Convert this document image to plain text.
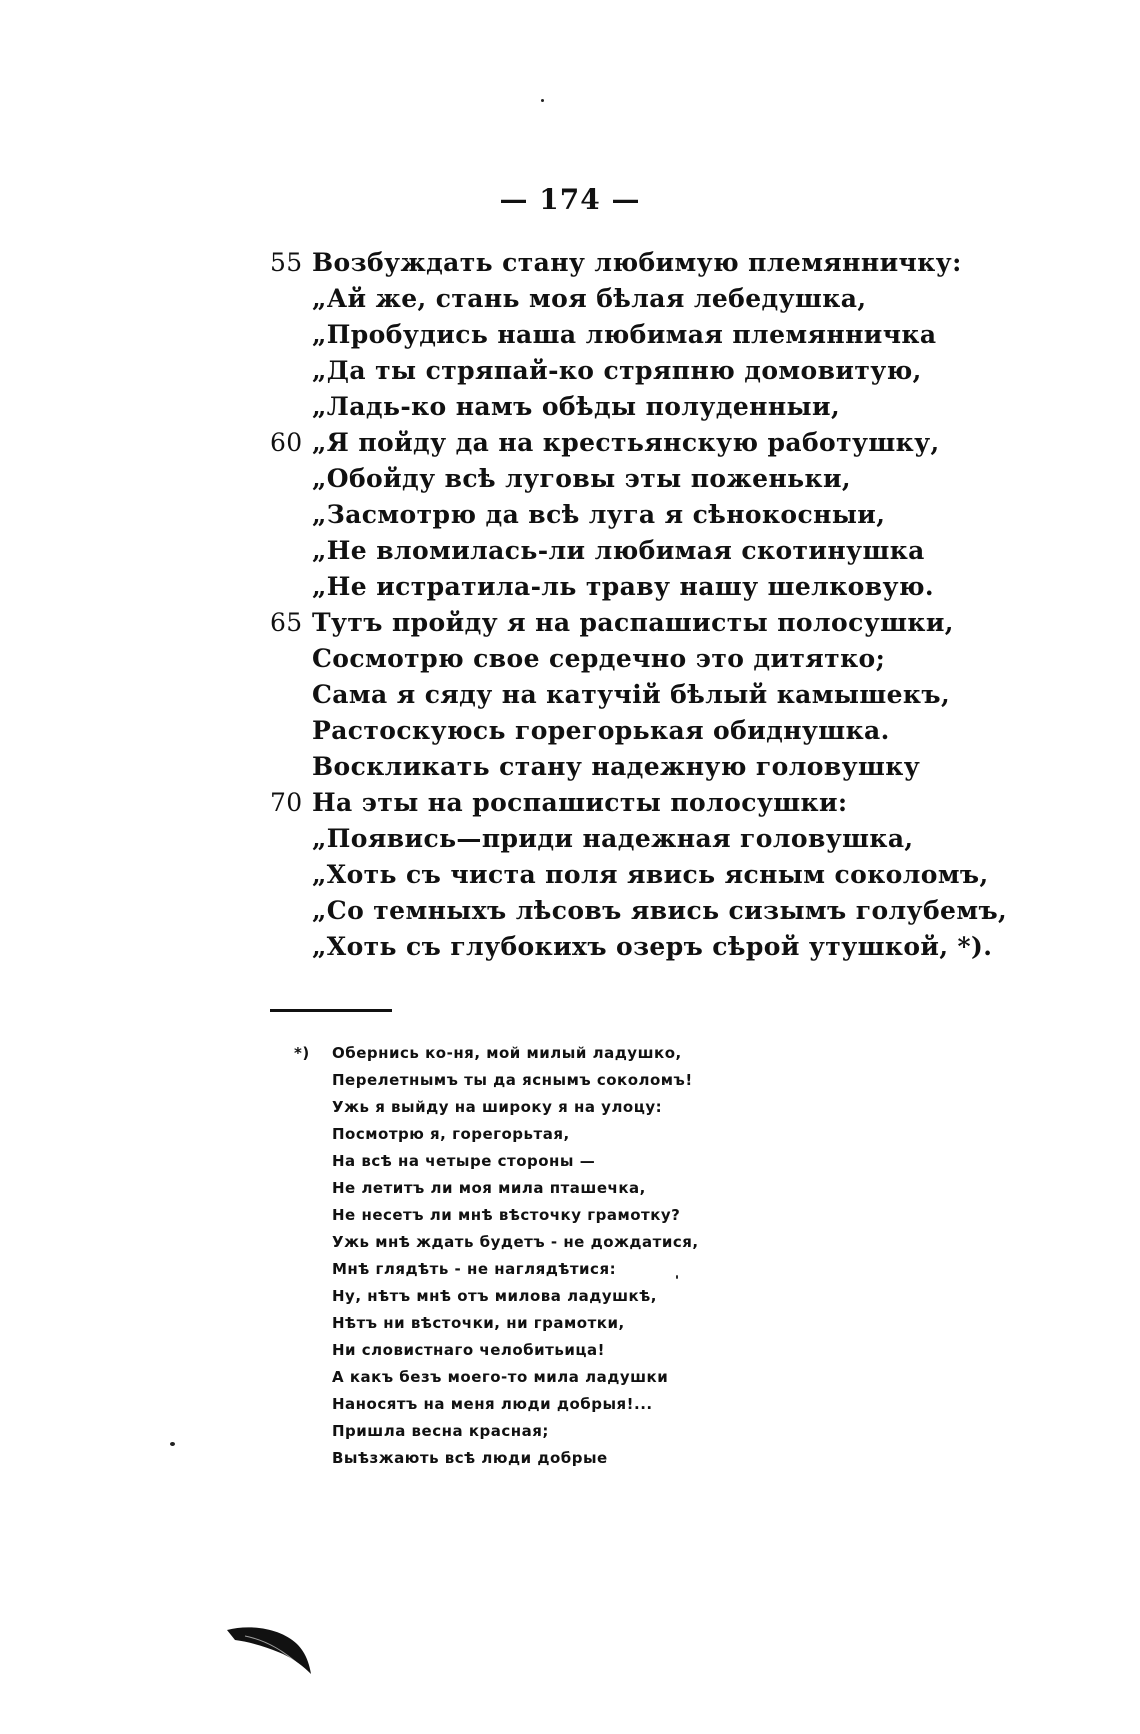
— 174 —
55 Возбуждать стану любимую племянничку:
„Ай же, стань моя бѣлая лебедушка,
„Пробудись наша любимая племянничка
„Да ты стряпай-ко стряпню домовитую,
„Ладь-ко намъ обѣды полуденныи,
60 „Я пойду да на крестьянскую работушку,
„Обойду всѣ луговы эты поженьки,
„Засмотрю да всѣ луга я сѣнокосныи,
„Не вломилась-ли любимая скотинушка
„Не истратила-ль траву нашу шелковую.
65 Тутъ пройду я на распашисты полосушки,
Сосмотрю свое сердечно это дитятко;
Сама я сяду на катучій бѣлый камышекъ,
Растоскуюсь горегорькая обиднушка.
Воскликать стану надежную головушку
70 На эты на роспашисты полосушки:
„Появись—приди надежная головушка,
„Хоть съ чиста поля явись ясным соколомъ,
„Со темныхъ лѣсовъ явись сизымъ голубемъ,
„Хоть съ глубокихъ озеръ сѣрой утушкой, *).
*) Обернись ко-ня, мой милый ладушко,
Перелетнымъ ты да яснымъ соколомъ!
Ужь я выйду на широку я на улоцу:
Посмотрю я, горегорьтая,
На всѣ на четыре стороны —
Не летитъ ли моя мила пташечка,
Не несетъ ли мнѣ вѣсточку грамотку?
Ужь мнѣ ждать будетъ - не дождатися,
Мнѣ глядѣть - не наглядѣтися:
Ну, нѣтъ мнѣ отъ милова ладушкѣ,
Нѣтъ ни вѣсточки, ни грамотки,
Ни словистнаго челобитьица!
А какъ безъ моего-то мила ладушки
Наносятъ на меня люди добрыя!...
Пришла весна красная;
Выѣзжають всѣ люди добрые
